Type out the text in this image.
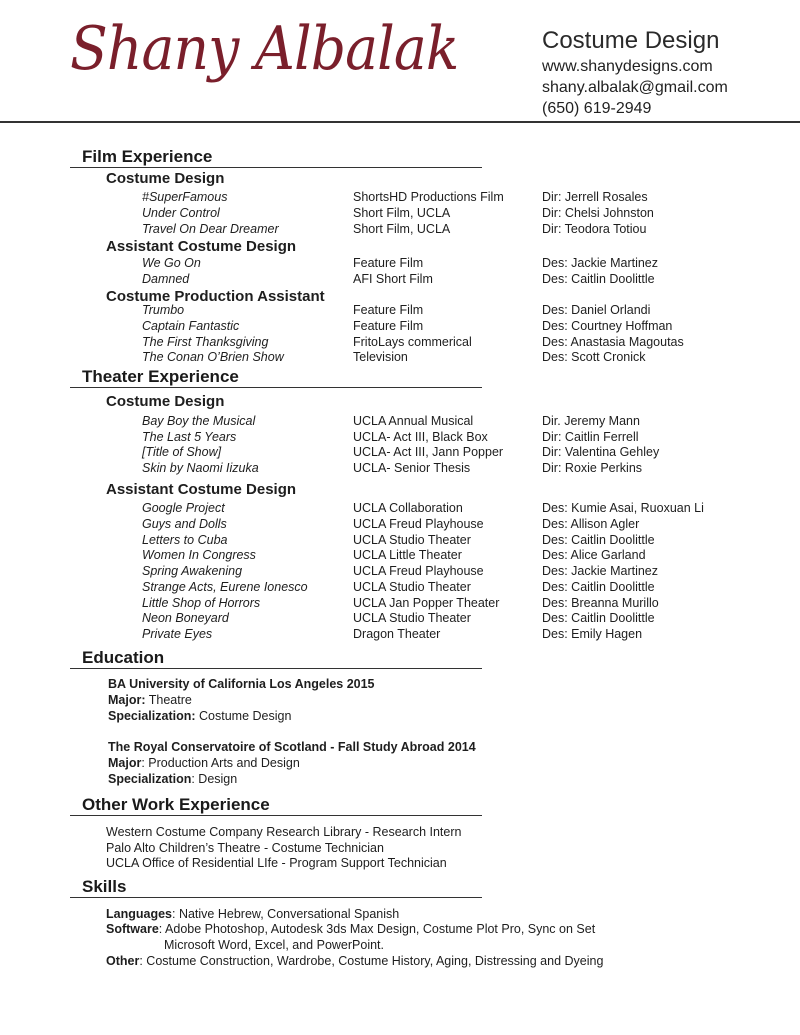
Shany Albalak	Costume Design
www.shanydesigns.com
shany.albalak@gmail.com
(650) 619-2949
Film Experience
Costume Design
#SuperFamous	ShortsHD Productions Film	Dir: Jerrell Rosales
Under Control	Short Film, UCLA	Dir: Chelsi Johnston
Travel On Dear Dreamer	Short Film, UCLA	Dir: Teodora Totiou
Assistant Costume Design
We Go On	Feature Film	Des: Jackie Martinez
Damned	AFI Short Film	Des: Caitlin Doolittle
Costume Production Assistant
Trumbo	Feature Film	Des: Daniel Orlandi
Captain Fantastic	Feature Film	Des: Courtney Hoffman
The First Thanksgiving	FritoLays commerical	Des: Anastasia Magoutas
The Conan O’Brien Show	Television	Des: Scott Cronick
Theater Experience
Costume Design
Bay Boy the Musical	UCLA Annual Musical	Dir. Jeremy Mann
The Last 5 Years	UCLA- Act III, Black Box	Dir: Caitlin Ferrell
[Title of Show]	UCLA- Act III, Jann Popper	Dir: Valentina Gehley
Skin by Naomi Iizuka	UCLA- Senior Thesis	Dir: Roxie Perkins
Assistant Costume Design
Google Project	UCLA Collaboration	Des: Kumie Asai, Ruoxuan Li
Guys and Dolls	UCLA Freud Playhouse	Des: Allison Agler
Letters to Cuba	UCLA Studio Theater	Des: Caitlin Doolittle
Women In Congress	UCLA Little Theater	Des: Alice Garland
Spring Awakening	UCLA Freud Playhouse	Des: Jackie Martinez
Strange Acts, Eurene Ionesco	UCLA Studio Theater	Des: Caitlin Doolittle
Little Shop of Horrors	UCLA Jan Popper Theater	Des: Breanna Murillo
Neon Boneyard	UCLA Studio Theater	Des: Caitlin Doolittle
Private Eyes	Dragon Theater	Des: Emily Hagen
Education
BA University of California Los Angeles 2015
Major: Theatre
Specialization: Costume Design
The Royal Conservatoire of Scotland - Fall Study Abroad 2014
Major: Production Arts and Design
Specialization: Design
Other Work Experience
Western Costume Company Research Library - Research Intern
Palo Alto Children’s Theatre - Costume Technician
UCLA Office of Residential LIfe - Program Support Technician
Skills
Languages: Native Hebrew, Conversational Spanish
Software: Adobe Photoshop, Autodesk 3ds Max Design, Costume Plot Pro, Sync on Set
Microsoft Word, Excel, and PowerPoint.
Other: Costume Construction, Wardrobe, Costume History, Aging, Distressing and Dyeing
